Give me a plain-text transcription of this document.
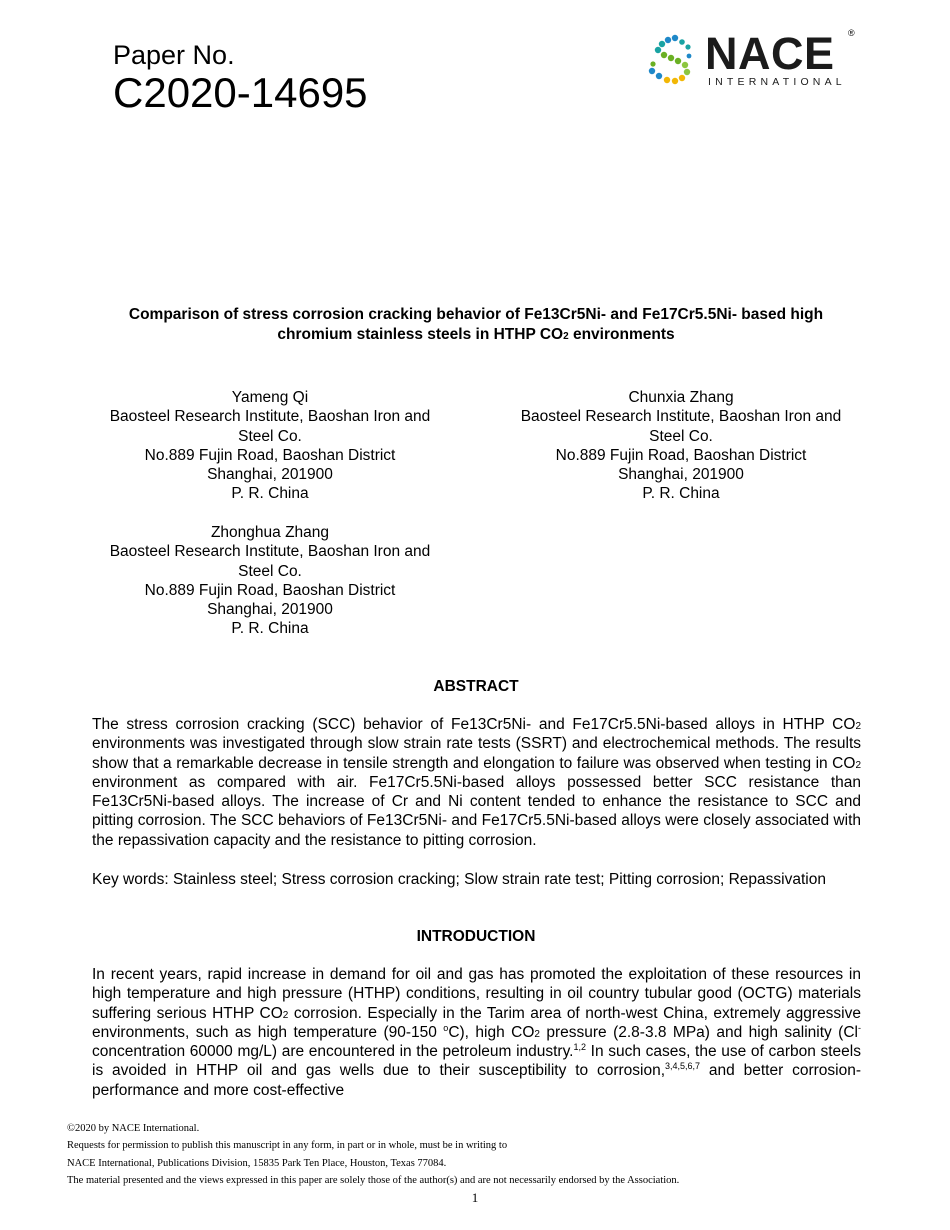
Paper No.
C2020-14695
NACE ®
INTERNATIONAL
Comparison of stress corrosion cracking behavior of Fe13Cr5Ni- and Fe17Cr5.5Ni- based high
chromium stainless steels in HTHP CO2 environments
Yameng Qi
Baosteel Research Institute, Baoshan Iron and
Steel Co.
No.889 Fujin Road, Baoshan District
Shanghai, 201900
P. R. China
Chunxia Zhang
Baosteel Research Institute, Baoshan Iron and
Steel Co.
No.889 Fujin Road, Baoshan District
Shanghai, 201900
P. R. China
Zhonghua Zhang
Baosteel Research Institute, Baoshan Iron and
Steel Co.
No.889 Fujin Road, Baoshan District
Shanghai, 201900
P. R. China
ABSTRACT
The stress corrosion cracking (SCC) behavior of Fe13Cr5Ni- and Fe17Cr5.5Ni-based alloys in HTHP CO2 environments was investigated through slow strain rate tests (SSRT) and electrochemical methods. The results show that a remarkable decrease in tensile strength and elongation to failure was observed when testing in CO2 environment as compared with air. Fe17Cr5.5Ni-based alloys possessed better SCC resistance than Fe13Cr5Ni-based alloys. The increase of Cr and Ni content tended to enhance the resistance to SCC and pitting corrosion. The SCC behaviors of Fe13Cr5Ni- and Fe17Cr5.5Ni-based alloys were closely associated with the repassivation capacity and the resistance to pitting corrosion.
Key words: Stainless steel; Stress corrosion cracking; Slow strain rate test; Pitting corrosion; Repassivation
INTRODUCTION
In recent years, rapid increase in demand for oil and gas has promoted the exploitation of these resources in high temperature and high pressure (HTHP) conditions, resulting in oil country tubular good (OCTG) materials suffering serious HTHP CO2 corrosion. Especially in the Tarim area of north-west China, extremely aggressive environments, such as high temperature (90-150 $^o$C), high CO2 pressure (2.8-3.8 MPa) and high salinity (Cl- concentration 60000 mg/L) are encountered in the petroleum industry.$^{1,2}$ In such cases, the use of carbon steels is avoided in HTHP oil and gas wells due to their susceptibility to corrosion,$^{3,4,5,6,7}$ and better corrosion-performance and more cost-effective
©2020 by NACE International.
Requests for permission to publish this manuscript in any form, in part or in whole, must be in writing to
NACE International, Publications Division, 15835 Park Ten Place, Houston, Texas 77084.
The material presented and the views expressed in this paper are solely those of the author(s) and are not necessarily endorsed by the Association.
1
